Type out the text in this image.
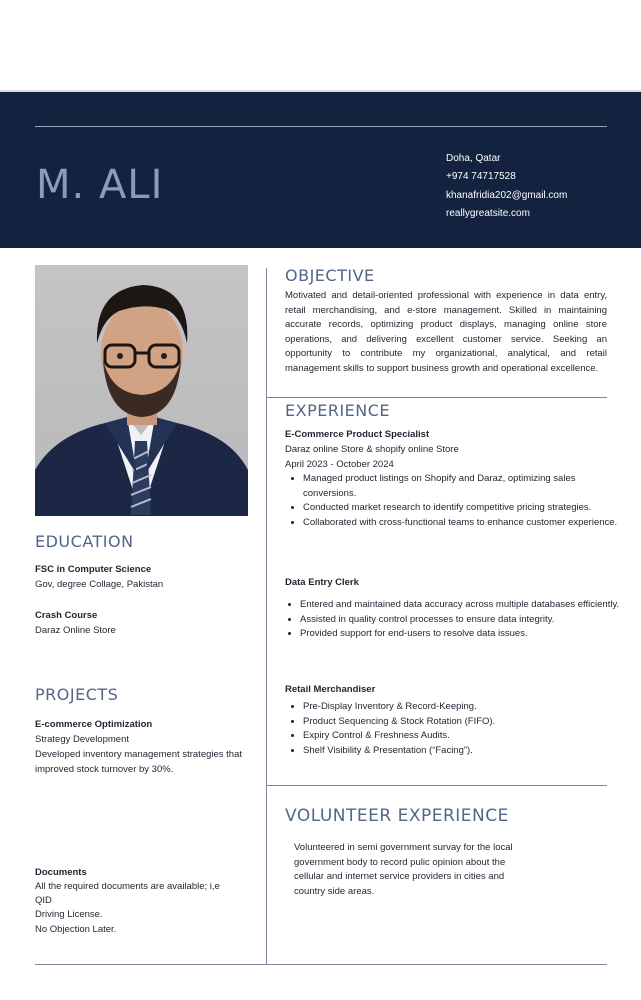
M. ALI
Doha, Qatar
+974 74717528
khanafridia202@gmail.com
reallygreatsite.com
EDUCATION
FSC in Computer Science
Gov, degree Collage, Pakistan
Crash Course
Daraz Online Store
PROJECTS
E-commerce Optimization
Strategy Development
Developed inventory management strategies that improved stock turnover by 30%.
Documents
All the required documents are available; i,e
QID
Driving License.
No Objection Later.
OBJECTIVE
Motivated and detail-oriented professional with experience in data entry, retail merchandising, and e-store management. Skilled in maintaining accurate records, optimizing product displays, managing online store operations, and delivering excellent customer service. Seeking an opportunity to contribute my organizational, analytical, and retail management skills to support business growth and operational excellence.
EXPERIENCE
E-Commerce Product Specialist
Daraz online Store & shopify online Store
April 2023 - October 2024
• Managed product listings on Shopify and Daraz, optimizing sales conversions.
• Conducted market research to identify competitive pricing strategies.
• Collaborated with cross-functional teams to enhance customer experience.
Data Entry Clerk
• Entered and maintained data accuracy across multiple databases efficiently.
• Assisted in quality control processes to ensure data integrity.
• Provided support for end-users to resolve data issues.
Retail Merchandiser
• Pre-Display Inventory & Record-Keeping.
• Product Sequencing & Stock Rotation (FIFO).
• Expiry Control & Freshness Audits.
• Shelf Visibility & Presentation (“Facing”).
VOLUNTEER EXPERIENCE
Volunteered in semi government survay for the local government body to record pulic opinion about the cellular and internet service providers in cities and country side areas.
